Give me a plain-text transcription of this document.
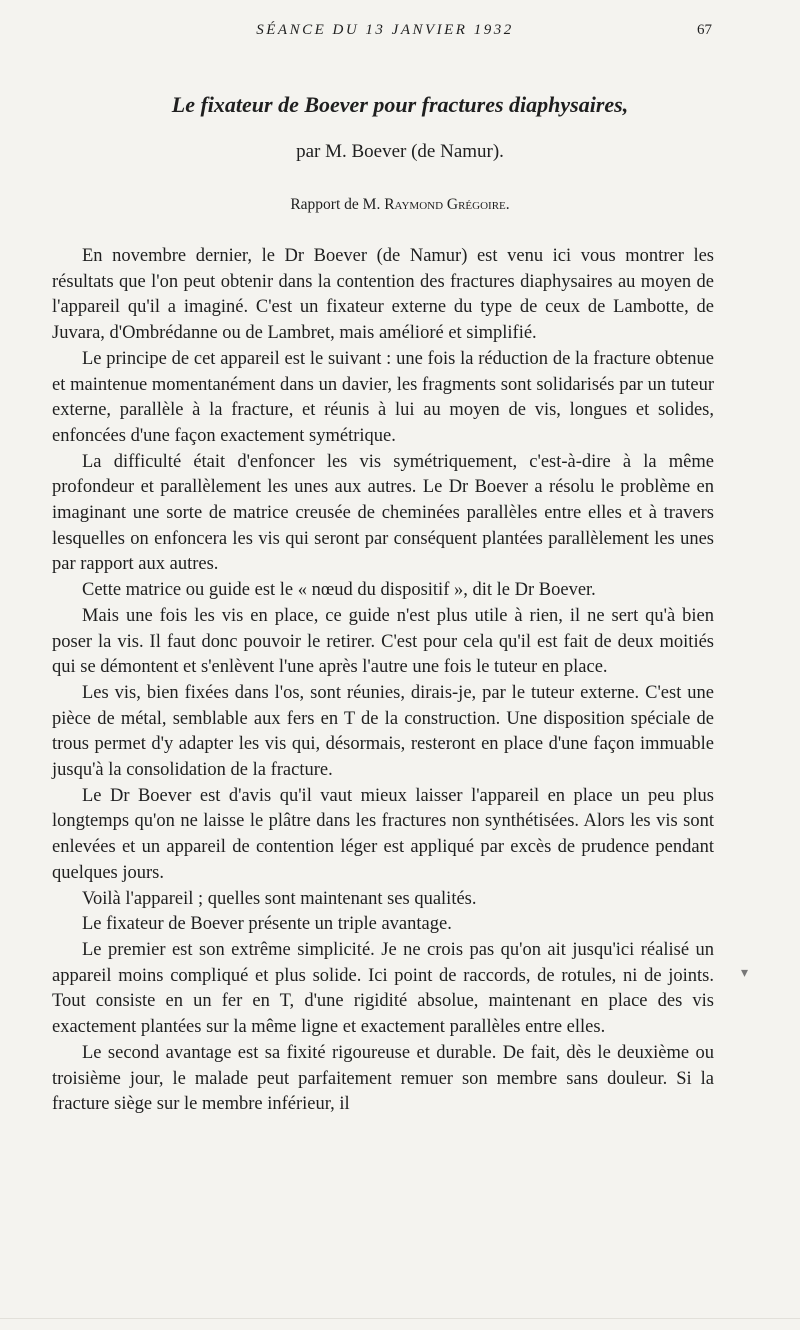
SÉANCE DU 13 JANVIER 1932	67
Le fixateur de Boever pour fractures diaphysaires,
par M. Boever (de Namur).
Rapport de M. Raymond Grégoire.

En novembre dernier, le Dr Boever (de Namur) est venu ici vous montrer les résultats que l'on peut obtenir dans la contention des fractures diaphysaires au moyen de l'appareil qu'il a imaginé. C'est un fixateur externe du type de ceux de Lambotte, de Juvara, d'Ombrédanne ou de Lambret, mais amélioré et simplifié.

Le principe de cet appareil est le suivant : une fois la réduction de la fracture obtenue et maintenue momentanément dans un davier, les fragments sont solidarisés par un tuteur externe, parallèle à la fracture, et réunis à lui au moyen de vis, longues et solides, enfoncées d'une façon exactement symétrique.

La difficulté était d'enfoncer les vis symétriquement, c'est-à-dire à la même profondeur et parallèlement les unes aux autres. Le Dr Boever a résolu le problème en imaginant une sorte de matrice creusée de cheminées parallèles entre elles et à travers lesquelles on enfoncera les vis qui seront par conséquent plantées parallèlement les unes par rapport aux autres.

Cette matrice ou guide est le « nœud du dispositif », dit le Dr Boever.

Mais une fois les vis en place, ce guide n'est plus utile à rien, il ne sert qu'à bien poser la vis. Il faut donc pouvoir le retirer. C'est pour cela qu'il est fait de deux moitiés qui se démontent et s'enlèvent l'une après l'autre une fois le tuteur en place.

Les vis, bien fixées dans l'os, sont réunies, dirais-je, par le tuteur externe. C'est une pièce de métal, semblable aux fers en T de la construction. Une disposition spéciale de trous permet d'y adapter les vis qui, désormais, resteront en place d'une façon immuable jusqu'à la consolidation de la fracture.

Le Dr Boever est d'avis qu'il vaut mieux laisser l'appareil en place un peu plus longtemps qu'on ne laisse le plâtre dans les fractures non synthétisées. Alors les vis sont enlevées et un appareil de contention léger est appliqué par excès de prudence pendant quelques jours.

Voilà l'appareil ; quelles sont maintenant ses qualités.

Le fixateur de Boever présente un triple avantage.

Le premier est son extrême simplicité. Je ne crois pas qu'on ait jusqu'ici réalisé un appareil moins compliqué et plus solide. Ici point de raccords, de rotules, ni de joints. Tout consiste en un fer en T, d'une rigidité absolue, maintenant en place des vis exactement plantées sur la même ligne et exactement parallèles entre elles.

Le second avantage est sa fixité rigoureuse et durable. De fait, dès le deuxième ou troisième jour, le malade peut parfaitement remuer son membre sans douleur. Si la fracture siège sur le membre inférieur, il

▾
